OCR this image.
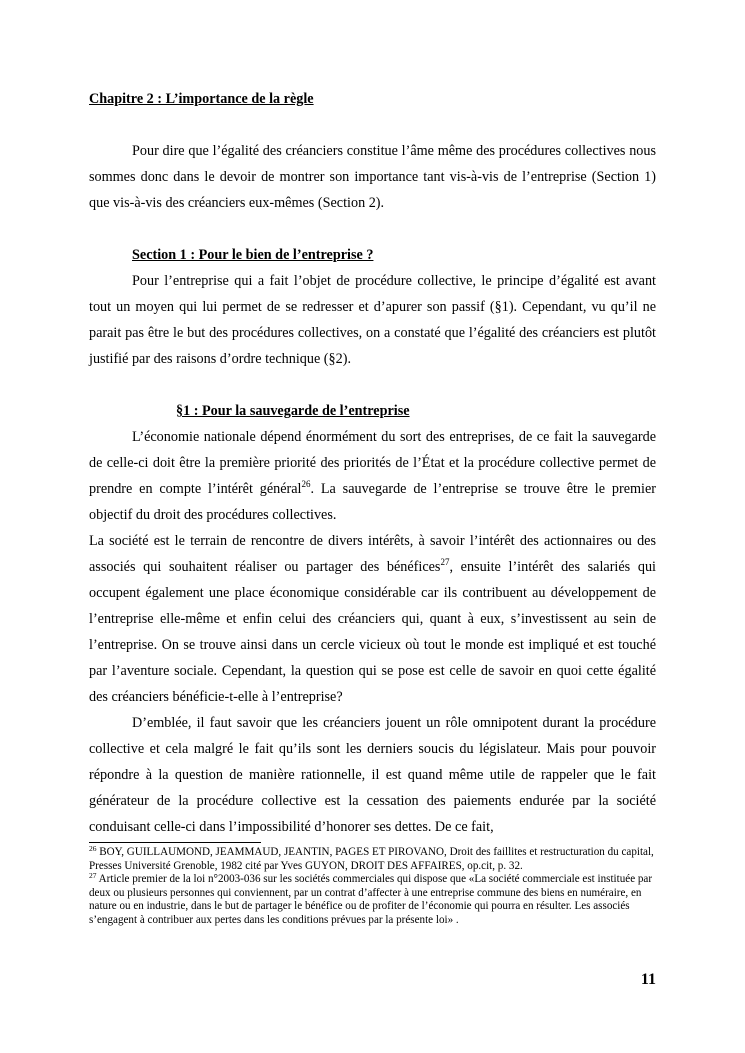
Chapitre 2 : L’importance de la règle

Pour dire que l’égalité des créanciers constitue l’âme même des procédures collectives nous sommes donc dans le devoir de montrer son importance tant vis-à-vis de l’entreprise (Section 1) que vis-à-vis des créanciers eux-mêmes (Section 2).

Section 1 : Pour le bien de l’entreprise ?

Pour l’entreprise qui a fait l’objet de procédure collective, le principe d’égalité est avant tout un moyen qui lui permet de se redresser et d’apurer son passif (§1). Cependant, vu qu’il ne parait pas être le but des procédures collectives, on a constaté que l’égalité des créanciers est plutôt justifié par des raisons d’ordre technique (§2).

§1 : Pour la sauvegarde de l’entreprise

L’économie nationale dépend énormément du sort des entreprises, de ce fait la sauvegarde de celle-ci doit être la première priorité des priorités de l’État et la procédure collective permet de prendre en compte l’intérêt général$^{26}$. La sauvegarde de l’entreprise se trouve être le premier objectif du droit des procédures collectives.

La société est le terrain de rencontre de divers intérêts, à savoir l’intérêt des actionnaires ou des associés qui souhaitent réaliser ou partager des bénéfices$^{27}$, ensuite l’intérêt des salariés qui occupent également une place économique considérable car ils contribuent au développement de l’entreprise elle-même et enfin celui des créanciers qui, quant à eux, s’investissent au sein de l’entreprise. On se trouve ainsi dans un cercle vicieux où tout le monde est impliqué et est touché par l’aventure sociale. Cependant, la question qui se pose est celle de savoir en quoi cette égalité des créanciers bénéficie-t-elle à l’entreprise?

D’emblée, il faut savoir que les créanciers jouent un rôle omnipotent durant la procédure collective et cela malgré le fait qu’ils sont les derniers soucis du législateur. Mais pour pouvoir répondre à la question de manière rationnelle, il est quand même utile de rappeler que le fait générateur de la procédure collective est la cessation des paiements endurée par la société conduisant celle-ci dans l’impossibilité d’honorer ses dettes. De ce fait,

$^{26}$ BOY, GUILLAUMOND, JEAMMAUD, JEANTIN, PAGES ET PIROVANO, Droit des faillites et restructuration du capital, Presses Université Grenoble, 1982 cité par Yves GUYON, DROIT DES AFFAIRES, op.cit, p. 32.

$^{27}$ Article premier de la loi n°2003-036 sur les sociétés commerciales qui dispose que «La société commerciale est instituée par deux ou plusieurs personnes qui conviennent, par un contrat d’affecter à une entreprise commune des biens en numéraire, en nature ou en industrie, dans le but de partager le bénéfice ou de profiter de l’économie qui pourra en résulter. Les associés s’engagent à contribuer aux pertes dans les conditions prévues par la présente loi» .

11
